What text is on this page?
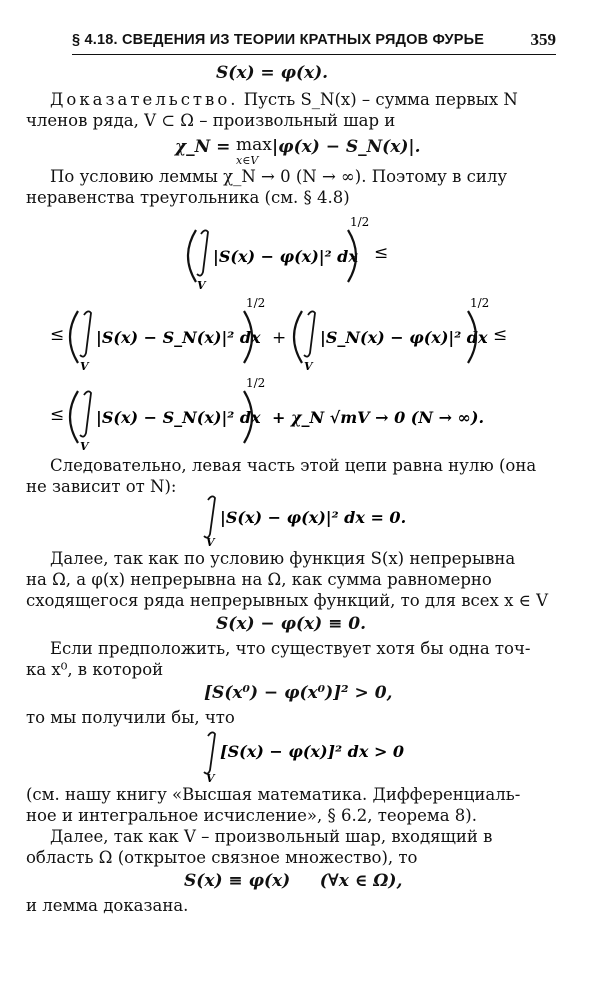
§ 4.18. СВЕДЕНИЯ ИЗ ТЕОРИИ КРАТНЫХ РЯДОВ ФУРЬЕ	359
S(x) = φ(x).
Доказательство. Пусть S_N(x) – сумма первых N
членов ряда, V ⊂ Ω – произвольный шар и
χ_N = max
x∈V
|φ(x) − S_N(x)|.
По условию леммы χ_N → 0 (N → ∞). Поэтому в силу
неравенства треугольника (см. § 4.8)
V
|S(x) − φ(x)|² dx
1/2
≤
≤
V
|S(x) − S_N(x)|² dx
1/2
+
V
|S_N(x) − φ(x)|² dx
1/2
≤
≤
V
|S(x) − S_N(x)|² dx
1/2
+ χ_N √mV → 0 (N → ∞).
Следовательно, левая часть этой цепи равна нулю (она
не зависит от N):
V
|S(x) − φ(x)|² dx = 0.
Далее, так как по условию функция S(x) непрерывна
на Ω, а φ(x) непрерывна на Ω, как сумма равномерно
сходящегося ряда непрерывных функций, то для всех x ∈ V
S(x) − φ(x) ≡ 0.
Если предположить, что существует хотя бы одна точ-
ка x⁰, в которой
[S(x⁰) − φ(x⁰)]² > 0,
то мы получили бы, что
V
[S(x) − φ(x)]² dx > 0
(см. нашу книгу «Высшая математика. Дифференциаль-
ное и интегральное исчисление», § 6.2, теорема 8).
Далее, так как V – произвольный шар, входящий в
область Ω (открытое связное множество), то
S(x) ≡ φ(x)     (∀x ∈ Ω),
и лемма доказана.
